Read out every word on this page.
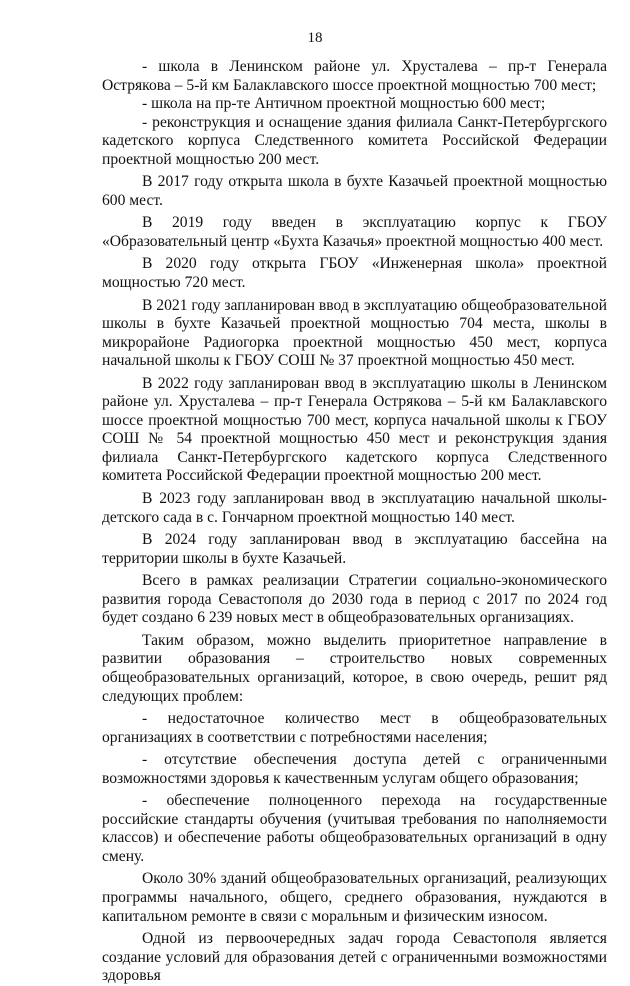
18

- школа в Ленинском районе ул. Хрусталева – пр-т Генерала Острякова – 5-й км Балаклавского шоссе проектной мощностью 700 мест;

- школа на пр-те Античном проектной мощностью 600 мест;

- реконструкция и оснащение здания филиала Санкт-Петербургского кадетского корпуса Следственного комитета Российской Федерации проектной мощностью 200 мест.

В 2017 году открыта школа в бухте Казачьей проектной мощностью 600 мест.

В 2019 году введен в эксплуатацию корпус к ГБОУ «Образовательный центр «Бухта Казачья» проектной мощностью 400 мест.

В 2020 году открыта ГБОУ «Инженерная школа» проектной мощностью 720 мест.

В 2021 году запланирован ввод в эксплуатацию общеобразовательной школы в бухте Казачьей проектной мощностью 704 места, школы в микрорайоне Радиогорка проектной мощностью 450 мест, корпуса начальной школы к ГБОУ СОШ № 37 проектной мощностью 450 мест.

В 2022 году запланирован ввод в эксплуатацию школы в Ленинском районе ул. Хрусталева – пр-т Генерала Острякова – 5-й км Балаклавского шоссе проектной мощностью 700 мест, корпуса начальной школы к ГБОУ СОШ № 54 проектной мощностью 450 мест и реконструкция здания филиала Санкт-Петербургского кадетского корпуса Следственного комитета Российской Федерации проектной мощностью 200 мест.

В 2023 году запланирован ввод в эксплуатацию начальной школы-детского сада в с. Гончарном проектной мощностью 140 мест.

В 2024 году запланирован ввод в эксплуатацию бассейна на территории школы в бухте Казачьей.

Всего в рамках реализации Стратегии социально-экономического развития города Севастополя до 2030 года в период с 2017 по 2024 год будет создано 6 239 новых мест в общеобразовательных организациях.

Таким образом, можно выделить приоритетное направление в развитии образования – строительство новых современных общеобразовательных организаций, которое, в свою очередь, решит ряд следующих проблем:

- недостаточное количество мест в общеобразовательных организациях в соответствии с потребностями населения;

- отсутствие обеспечения доступа детей с ограниченными возможностями здоровья к качественным услугам общего образования;

- обеспечение полноценного перехода на государственные российские стандарты обучения (учитывая требования по наполняемости классов) и обеспечение работы общеобразовательных организаций в одну смену.

Около 30% зданий общеобразовательных организаций, реализующих программы начального, общего, среднего образования, нуждаются в капитальном ремонте в связи с моральным и физическим износом.

Одной из первоочередных задач города Севастополя является создание условий для образования детей с ограниченными возможностями здоровья
